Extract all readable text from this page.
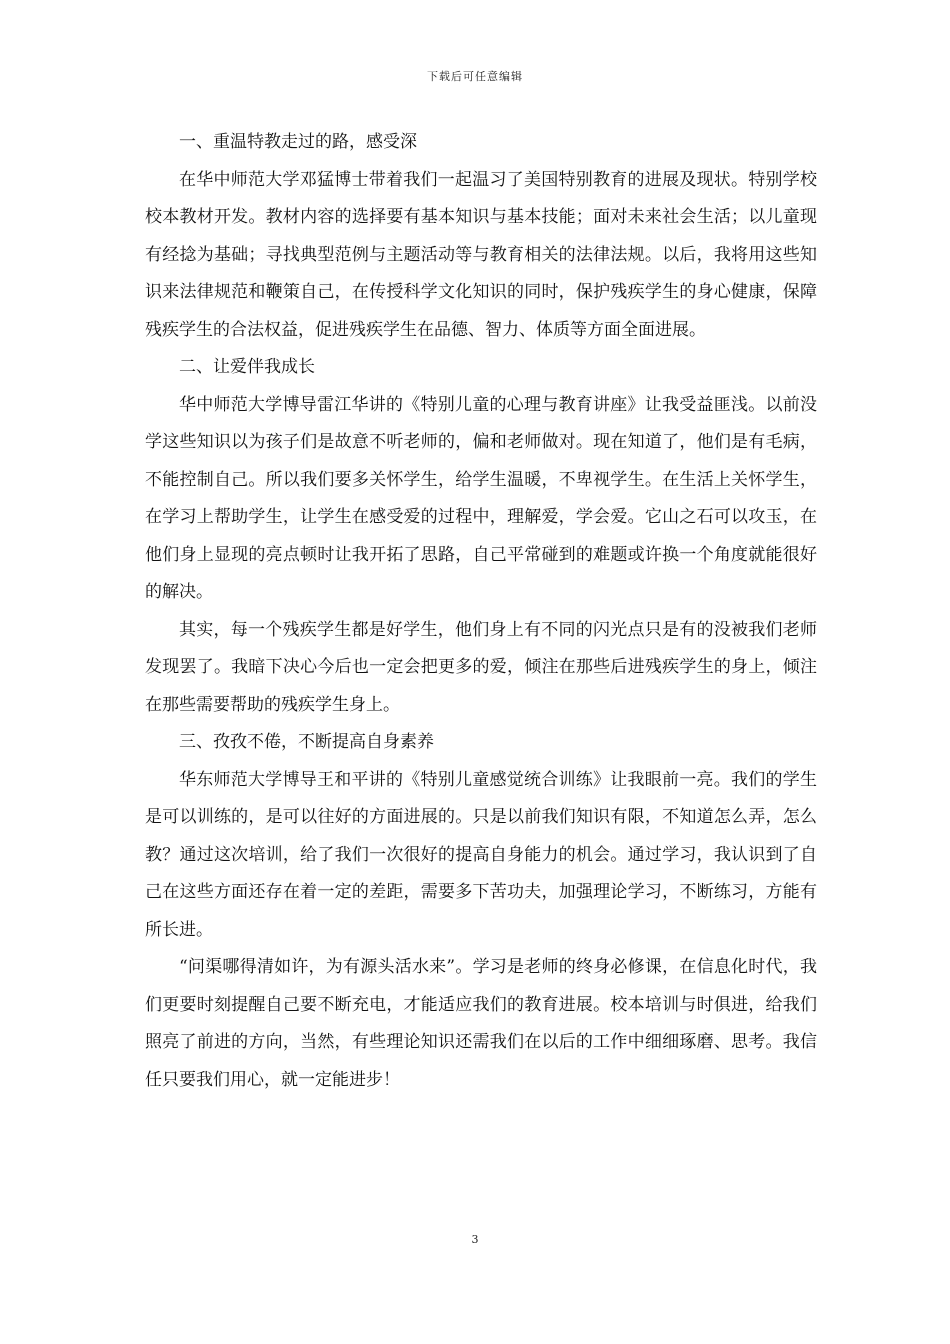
下载后可任意编辑

一、重温特教走过的路，感受深

在华中师范大学邓猛博士带着我们一起温习了美国特别教育的进展及现状。特别学校校本教材开发。教材内容的选择要有基本知识与基本技能；面对未来社会生活；以儿童现有经捻为基础；寻找典型范例与主题活动等与教育相关的法律法规。以后，我将用这些知识来法律规范和鞭策自己，在传授科学文化知识的同时，保护残疾学生的身心健康，保障残疾学生的合法权益，促进残疾学生在品德、智力、体质等方面全面进展。

二、让爱伴我成长

华中师范大学博导雷江华讲的《特别儿童的心理与教育讲座》让我受益匪浅。以前没学这些知识以为孩子们是故意不听老师的，偏和老师做对。现在知道了，他们是有毛病，不能控制自己。所以我们要多关怀学生，给学生温暖，不卑视学生。在生活上关怀学生，在学习上帮助学生，让学生在感受爱的过程中，理解爱，学会爱。它山之石可以攻玉，在他们身上显现的亮点顿时让我开拓了思路，自己平常碰到的难题或许换一个角度就能很好的解决。

其实，每一个残疾学生都是好学生，他们身上有不同的闪光点只是有的没被我们老师发现罢了。我暗下决心今后也一定会把更多的爱，倾注在那些后进残疾学生的身上，倾注在那些需要帮助的残疾学生身上。

三、孜孜不倦，不断提高自身素养

华东师范大学博导王和平讲的《特别儿童感觉统合训练》让我眼前一亮。我们的学生是可以训练的，是可以往好的方面进展的。只是以前我们知识有限，不知道怎么弄，怎么教？通过这次培训，给了我们一次很好的提高自身能力的机会。通过学习，我认识到了自己在这些方面还存在着一定的差距，需要多下苦功夫，加强理论学习，不断练习，方能有所长进。

“问渠哪得清如许，为有源头活水来”。学习是老师的终身必修课，在信息化时代，我们更要时刻提醒自己要不断充电，才能适应我们的教育进展。校本培训与时俱进，给我们照亮了前进的方向，当然，有些理论知识还需我们在以后的工作中细细琢磨、思考。我信任只要我们用心，就一定能进步！

3
